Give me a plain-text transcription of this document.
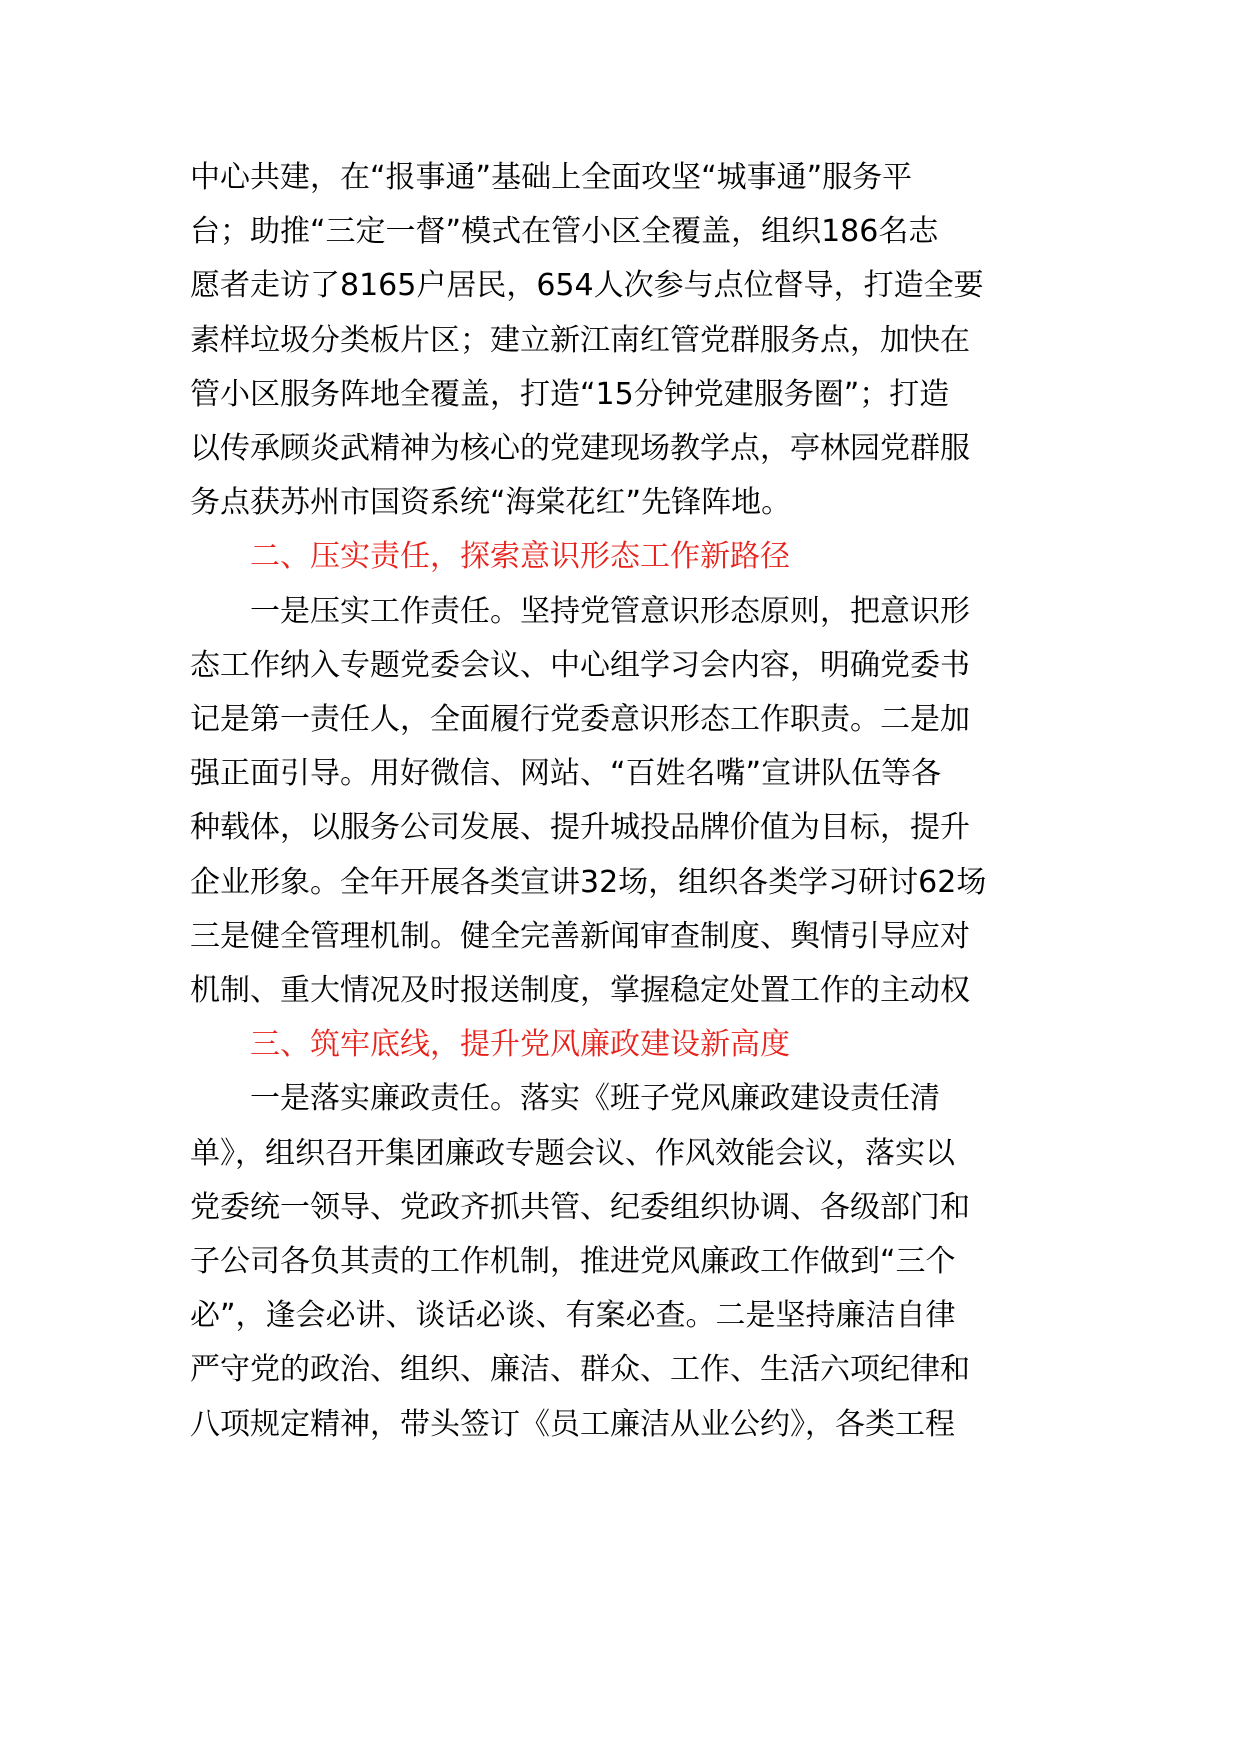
中心共建，在“报事通”基础上全面攻坚“城事通”服务平
台；助推“三定一督”模式在管小区全覆盖，组织186名志
愿者走访了8165户居民，654人次参与点位督导，打造全要
素样垃圾分类板片区；建立新江南红管党群服务点，加快在
管小区服务阵地全覆盖，打造“15分钟党建服务圈”；打造
以传承顾炎武精神为核心的党建现场教学点，亭林园党群服
务点获苏州市国资系统“海棠花红”先锋阵地。
二、压实责任，探索意识形态工作新路径
一是压实工作责任。坚持党管意识形态原则，把意识形
态工作纳入专题党委会议、中心组学习会内容，明确党委书
记是第一责任人，全面履行党委意识形态工作职责。二是加
强正面引导。用好微信、网站、“百姓名嘴”宣讲队伍等各
种载体，以服务公司发展、提升城投品牌价值为目标，提升
企业形象。全年开展各类宣讲32场，组织各类学习研讨62场
三是健全管理机制。健全完善新闻审查制度、舆情引导应对
机制、重大情况及时报送制度，掌握稳定处置工作的主动权
三、筑牢底线，提升党风廉政建设新高度
一是落实廉政责任。落实《班子党风廉政建设责任清
单》，组织召开集团廉政专题会议、作风效能会议，落实以
党委统一领导、党政齐抓共管、纪委组织协调、各级部门和
子公司各负其责的工作机制，推进党风廉政工作做到“三个
必”，逢会必讲、谈话必谈、有案必查。二是坚持廉洁自律
严守党的政治、组织、廉洁、群众、工作、生活六项纪律和
八项规定精神，带头签订《员工廉洁从业公约》，各类工程
